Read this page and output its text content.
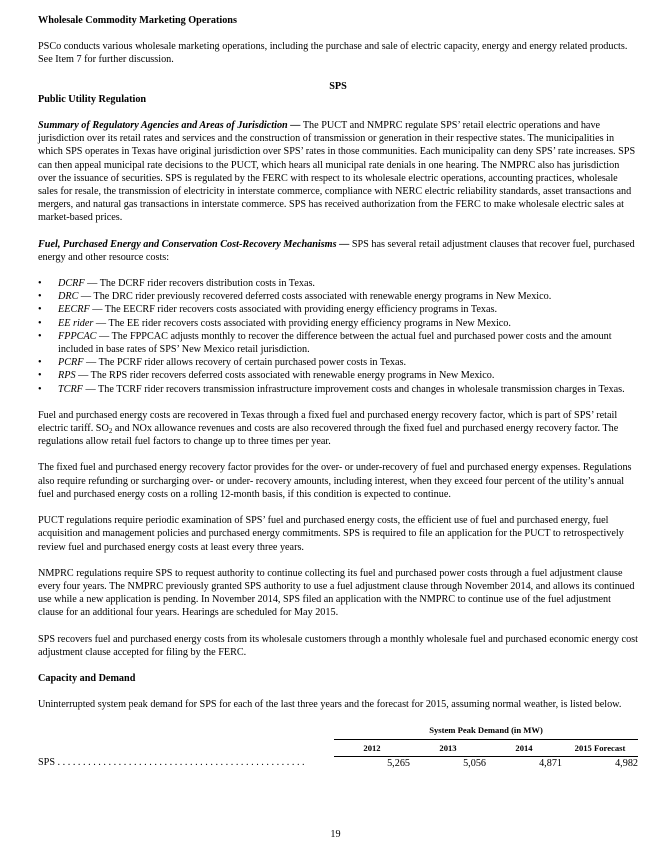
Wholesale Commodity Marketing Operations

PSCo conducts various wholesale marketing operations, including the purchase and sale of electric capacity, energy and energy related products. See Item 7 for further discussion.

SPS

Public Utility Regulation

Summary of Regulatory Agencies and Areas of Jurisdiction — The PUCT and NMPRC regulate SPS’ retail electric operations and have jurisdiction over its retail rates and services and the construction of transmission or generation in their respective states. The municipalities in which SPS operates in Texas have original jurisdiction over SPS’ rates in those communities. Each municipality can deny SPS’ rate increases. SPS can then appeal municipal rate decisions to the PUCT, which hears all municipal rate denials in one hearing. The NMPRC also has jurisdiction over the issuance of securities. SPS is regulated by the FERC with respect to its wholesale electric operations, accounting practices, wholesale sales for resale, the transmission of electricity in interstate commerce, compliance with NERC electric reliability standards, asset transactions and mergers, and natural gas transactions in interstate commerce. SPS has received authorization from the FERC to make wholesale electric sales at market-based prices.

Fuel, Purchased Energy and Conservation Cost-Recovery Mechanisms — SPS has several retail adjustment clauses that recover fuel, purchased energy and other resource costs:

• DCRF — The DCRF rider recovers distribution costs in Texas.
• DRC — The DRC rider previously recovered deferred costs associated with renewable energy programs in New Mexico.
• EECRF — The EECRF rider recovers costs associated with providing energy efficiency programs in Texas.
• EE rider — The EE rider recovers costs associated with providing energy efficiency programs in New Mexico.
• FPPCAC — The FPPCAC adjusts monthly to recover the difference between the actual fuel and purchased power costs and the amount included in base rates of SPS’ New Mexico retail jurisdiction.
• PCRF — The PCRF rider allows recovery of certain purchased power costs in Texas.
• RPS — The RPS rider recovers deferred costs associated with renewable energy programs in New Mexico.
• TCRF — The TCRF rider recovers transmission infrastructure improvement costs and changes in wholesale transmission charges in Texas.

Fuel and purchased energy costs are recovered in Texas through a fixed fuel and purchased energy recovery factor, which is part of SPS’ retail electric tariff. $SO_2$ and NOx allowance revenues and costs are also recovered through the fixed fuel and purchased energy recovery factor. The regulations allow retail fuel factors to change up to three times per year.

The fixed fuel and purchased energy recovery factor provides for the over- or under-recovery of fuel and purchased energy expenses. Regulations also require refunding or surcharging over- or under- recovery amounts, including interest, when they exceed four percent of the utility’s annual fuel and purchased energy costs on a rolling 12-month basis, if this condition is expected to continue.

PUCT regulations require periodic examination of SPS’ fuel and purchased energy costs, the efficient use of fuel and purchased energy, fuel acquisition and management policies and purchased energy commitments. SPS is required to file an application for the PUCT to retrospectively review fuel and purchased energy costs at least every three years.

NMPRC regulations require SPS to request authority to continue collecting its fuel and purchased power costs through a fuel adjustment clause every four years. The NMPRC previously granted SPS authority to use a fuel adjustment clause through November 2014, and allows its continued use while a new application is pending. In November 2014, SPS filed an application with the NMPRC to continue use of the fuel adjustment clause for an additional four years. Hearings are scheduled for May 2015.

SPS recovers fuel and purchased energy costs from its wholesale customers through a monthly wholesale fuel and purchased economic energy cost adjustment clause accepted for filing by the FERC.

Capacity and Demand

Uninterrupted system peak demand for SPS for each of the last three years and the forecast for 2015, assuming normal weather, is listed below.

	System Peak Demand (in MW)			
	2012	2013	2014	2015 Forecast
SPS . . . . . . . . . . . . . . . . . . . . . . . . . . . . . . . . . . . . . . . . . . . . . . . . .	5,265	5,056	4,871	4,982
19
